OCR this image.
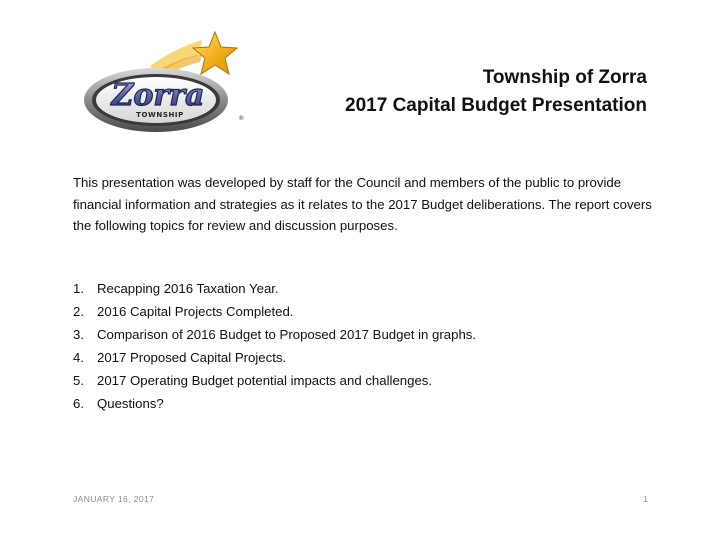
Zorra
TOWNSHIP	®
Township of Zorra
2017 Capital Budget Presentation
This presentation was developed by staff for the Council and members of the public to provide financial information and strategies as it relates to the 2017 Budget deliberations. The report covers the following topics for review and discussion purposes.
1. Recapping 2016 Taxation Year.
2. 2016 Capital Projects Completed.
3. Comparison of 2016 Budget to Proposed 2017 Budget in graphs.
4. 2017 Proposed Capital Projects.
5. 2017 Operating Budget potential impacts and challenges.
6. Questions?
JANUARY 16, 2017	1
